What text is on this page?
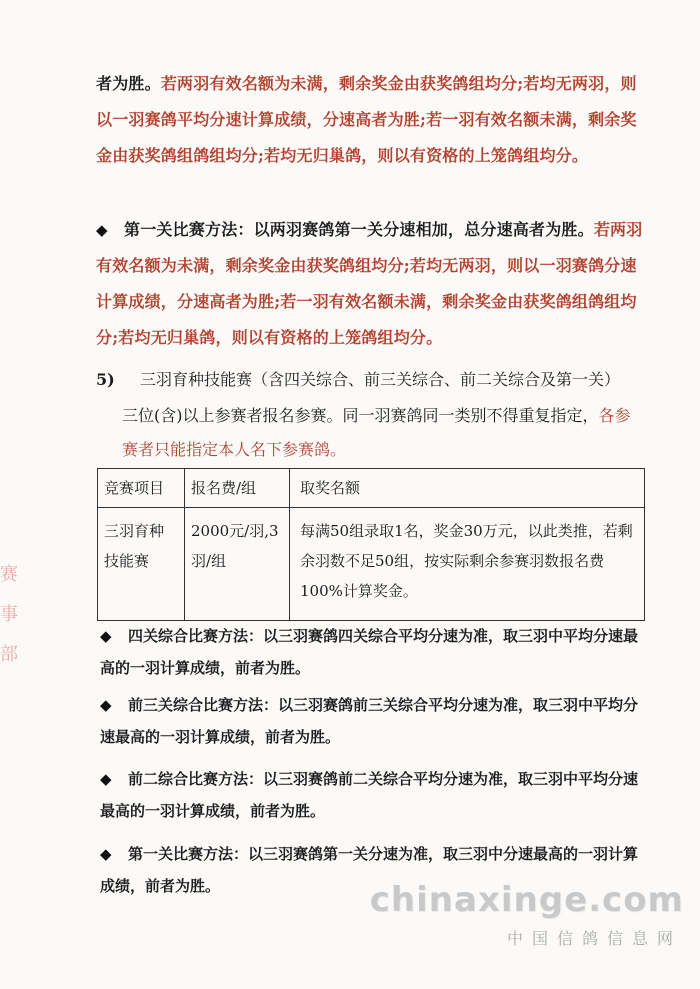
者为胜。若两羽有效名额为未满，剩余奖金由获奖鸽组均分;若均无两羽，则以一羽赛鸽平均分速计算成绩，分速高者为胜;若一羽有效名额未满，剩余奖金由获奖鸽组鸽组均分;若均无归巢鸽，则以有资格的上笼鸽组均分。
◆ 第一关比赛方法：以两羽赛鸽第一关分速相加，总分速高者为胜。若两羽有效名额为未满，剩余奖金由获奖鸽组均分;若均无两羽，则以一羽赛鸽分速计算成绩，分速高者为胜;若一羽有效名额未满，剩余奖金由获奖鸽组鸽组均分;若均无归巢鸽，则以有资格的上笼鸽组均分。
5) 三羽育种技能赛（含四关综合、前三关综合、前二关综合及第一关）
三位(含)以上参赛者报名参赛。同一羽赛鸽同一类别不得重复指定，各参赛者只能指定本人名下参赛鸽。
竞赛项目	报名费/组	取奖名额
三羽育种技能赛	2000元/羽,3羽/组	每满50组录取1名，奖金30万元，以此类推，若剩余羽数不足50组，按实际剩余参赛羽数报名费100%计算奖金。
◆ 四关综合比赛方法：以三羽赛鸽四关综合平均分速为准，取三羽中平均分速最高的一羽计算成绩，前者为胜。
◆ 前三关综合比赛方法：以三羽赛鸽前三关综合平均分速为准，取三羽中平均分速最高的一羽计算成绩，前者为胜。
◆ 前二综合比赛方法：以三羽赛鸽前二关综合平均分速为准，取三羽中平均分速最高的一羽计算成绩，前者为胜。
◆ 第一关比赛方法：以三羽赛鸽第一关分速为准，取三羽中分速最高的一羽计算成绩，前者为胜。
赛
事
部
chinaxinge.com
中国信鸽信息网
